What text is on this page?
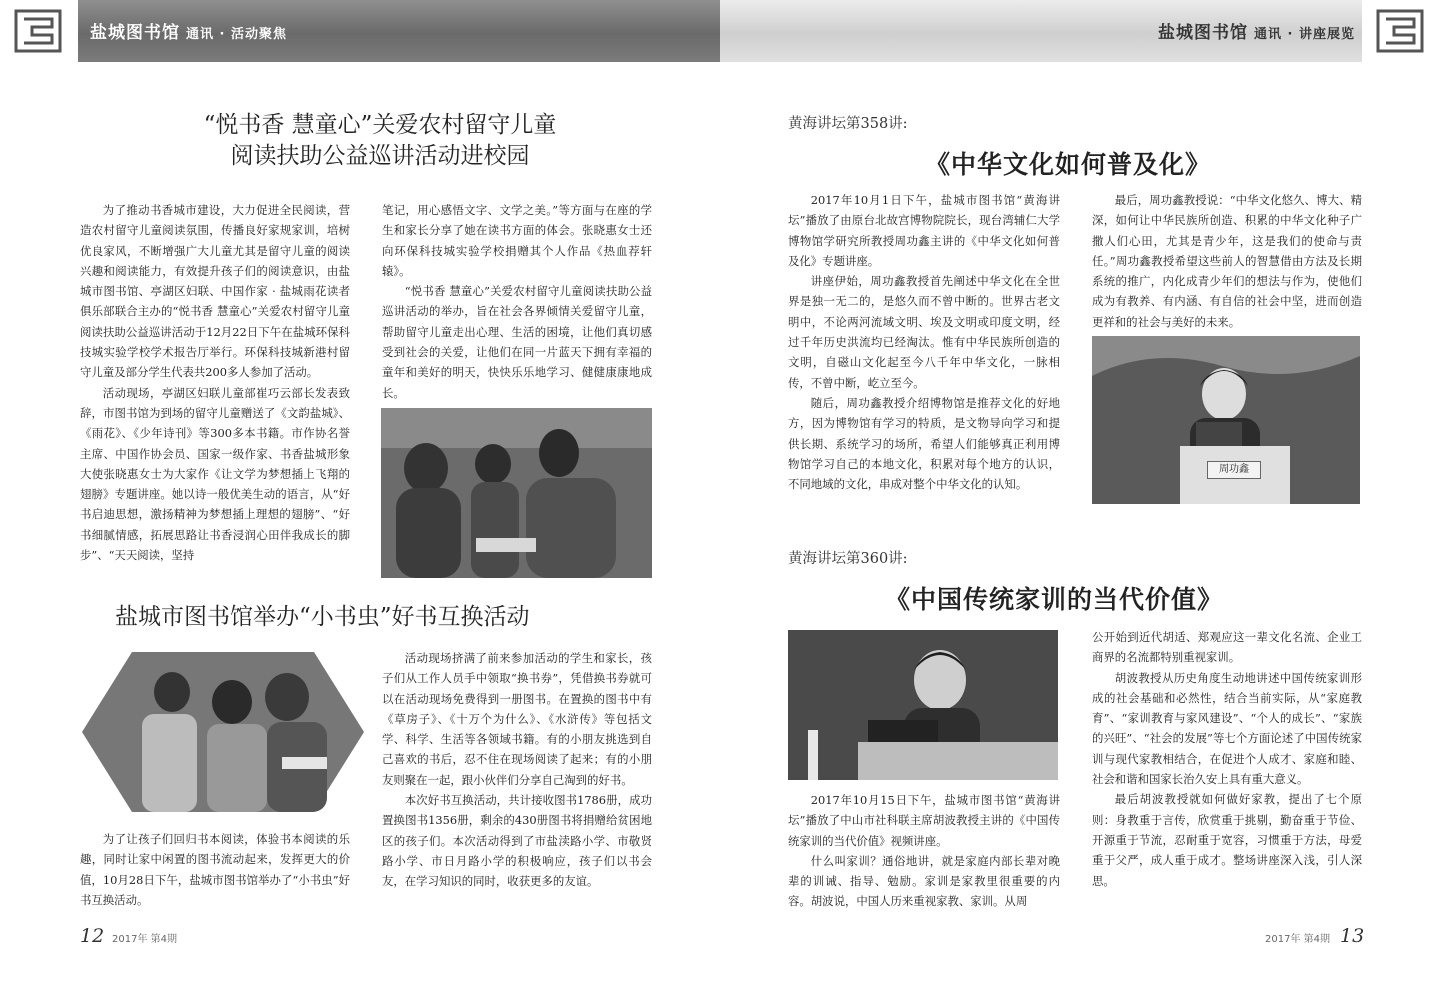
盐城图书馆 通讯 · 活动聚焦	盐城图书馆 通讯 · 讲座展览
“悦书香 慧童心”关爱农村留守儿童
阅读扶助公益巡讲活动进校园

为了推动书香城市建设，大力促进全民阅读，营造农村留守儿童阅读氛围，传播良好家规家训，培树优良家风，不断增强广大儿童尤其是留守儿童的阅读兴趣和阅读能力，有效提升孩子们的阅读意识，由盐城市图书馆、亭湖区妇联、中国作家 · 盐城雨花读者俱乐部联合主办的“悦书香 慧童心”关爱农村留守儿童阅读扶助公益巡讲活动于12月22日下午在盐城环保科技城实验学校学术报告厅举行。环保科技城新港村留守儿童及部分学生代表共200多人参加了活动。

活动现场，亭湖区妇联儿童部崔巧云部长发表致辞，市图书馆为到场的留守儿童赠送了《文韵盐城》、《雨花》、《少年诗刊》等300多本书籍。市作协名誉主席、中国作协会员、国家一级作家、书香盐城形象大使张晓惠女士为大家作《让文学为梦想插上飞翔的翅膀》专题讲座。她以诗一般优美生动的语言，从“好书启迪思想，激扬精神为梦想插上理想的翅膀”、“好书细腻情感，拓展思路让书香浸润心田伴我成长的脚步”、“天天阅读，坚持

笔记，用心感悟文字、文学之美。”等方面与在座的学生和家长分享了她在读书方面的体会。张晓惠女士还向环保科技城实验学校捐赠其个人作品《热血荐轩辕》。

“悦书香 慧童心”关爱农村留守儿童阅读扶助公益巡讲活动的举办，旨在社会各界倾情关爱留守儿童，帮助留守儿童走出心理、生活的困境，让他们真切感受到社会的关爱，让他们在同一片蓝天下拥有幸福的童年和美好的明天，快快乐乐地学习、健健康康地成长。

盐城市图书馆举办“小书虫”好书互换活动

为了让孩子们回归书本阅读，体验书本阅读的乐趣，同时让家中闲置的图书流动起来，发挥更大的价值，10月28日下午，盐城市图书馆举办了“小书虫”好书互换活动。

活动现场挤满了前来参加活动的学生和家长，孩子们从工作人员手中领取“换书券”，凭借换书券就可以在活动现场免费得到一册图书。在置换的图书中有《草房子》、《十万个为什么》、《水浒传》等包括文学、科学、生活等各领域书籍。有的小朋友挑选到自己喜欢的书后，忍不住在现场阅读了起来；有的小朋友则聚在一起，跟小伙伴们分享自己淘到的好书。

本次好书互换活动，共计接收图书1786册，成功置换图书1356册，剩余的430册图书将捐赠给贫困地区的孩子们。本次活动得到了市盐渎路小学、市敬贤路小学、市日月路小学的积极响应，孩子们以书会友，在学习知识的同时，收获更多的友谊。

黄海讲坛第358讲:
《中华文化如何普及化》

2017年10月1日下午，盐城市图书馆“黄海讲坛”播放了由原台北故宫博物院院长，现台湾辅仁大学博物馆学研究所教授周功鑫主讲的《中华文化如何普及化》专题讲座。

讲座伊始，周功鑫教授首先阐述中华文化在全世界是独一无二的，是悠久而不曾中断的。世界古老文明中，不论两河流域文明、埃及文明或印度文明，经过千年历史洪流均已经淘汰。惟有中华民族所创造的文明，自磁山文化起至今八千年中华文化，一脉相传，不曾中断，屹立至今。

随后，周功鑫教授介绍博物馆是推荐文化的好地方，因为博物馆有学习的特质，是文物导向学习和提供长期、系统学习的场所，希望人们能够真正利用博物馆学习自己的本地文化，积累对每个地方的认识，不同地域的文化，串成对整个中华文化的认知。

最后，周功鑫教授说：“中华文化悠久、博大、精深，如何让中华民族所创造、积累的中华文化种子广撒人们心田，尤其是青少年，这是我们的使命与责任。”周功鑫教授希望这些前人的智慧借由方法及长期系统的推广，内化成青少年们的想法与作为，使他们成为有教养、有内涵、有自信的社会中坚，进而创造更祥和的社会与美好的未来。

周功鑫
黄海讲坛第360讲:
《中国传统家训的当代价值》

2017年10月15日下午，盐城市图书馆“黄海讲坛”播放了中山市社科联主席胡波教授主讲的《中国传统家训的当代价值》视频讲座。

什么叫家训？通俗地讲，就是家庭内部长辈对晚辈的训诫、指导、勉励。家训是家教里很重要的内容。胡波说，中国人历来重视家教、家训。从周

公开始到近代胡适、郑观应这一辈文化名流、企业工商界的名流都特别重视家训。

胡波教授从历史角度生动地讲述中国传统家训形成的社会基础和必然性，结合当前实际，从“家庭教育”、“家训教育与家风建设”、“个人的成长”、“家族的兴旺”、“社会的发展”等七个方面论述了中国传统家训与现代家教相结合，在促进个人成才、家庭和睦、社会和谐和国家长治久安上具有重大意义。

最后胡波教授就如何做好家教，提出了七个原则：身教重于言传，欣赏重于挑剔，勤奋重于节俭、开源重于节流，忍耐重于宽容，习惯重于方法，母爱重于父严，成人重于成才。整场讲座深入浅，引人深思。

12 2017年 第4期	2017年 第4期 13
